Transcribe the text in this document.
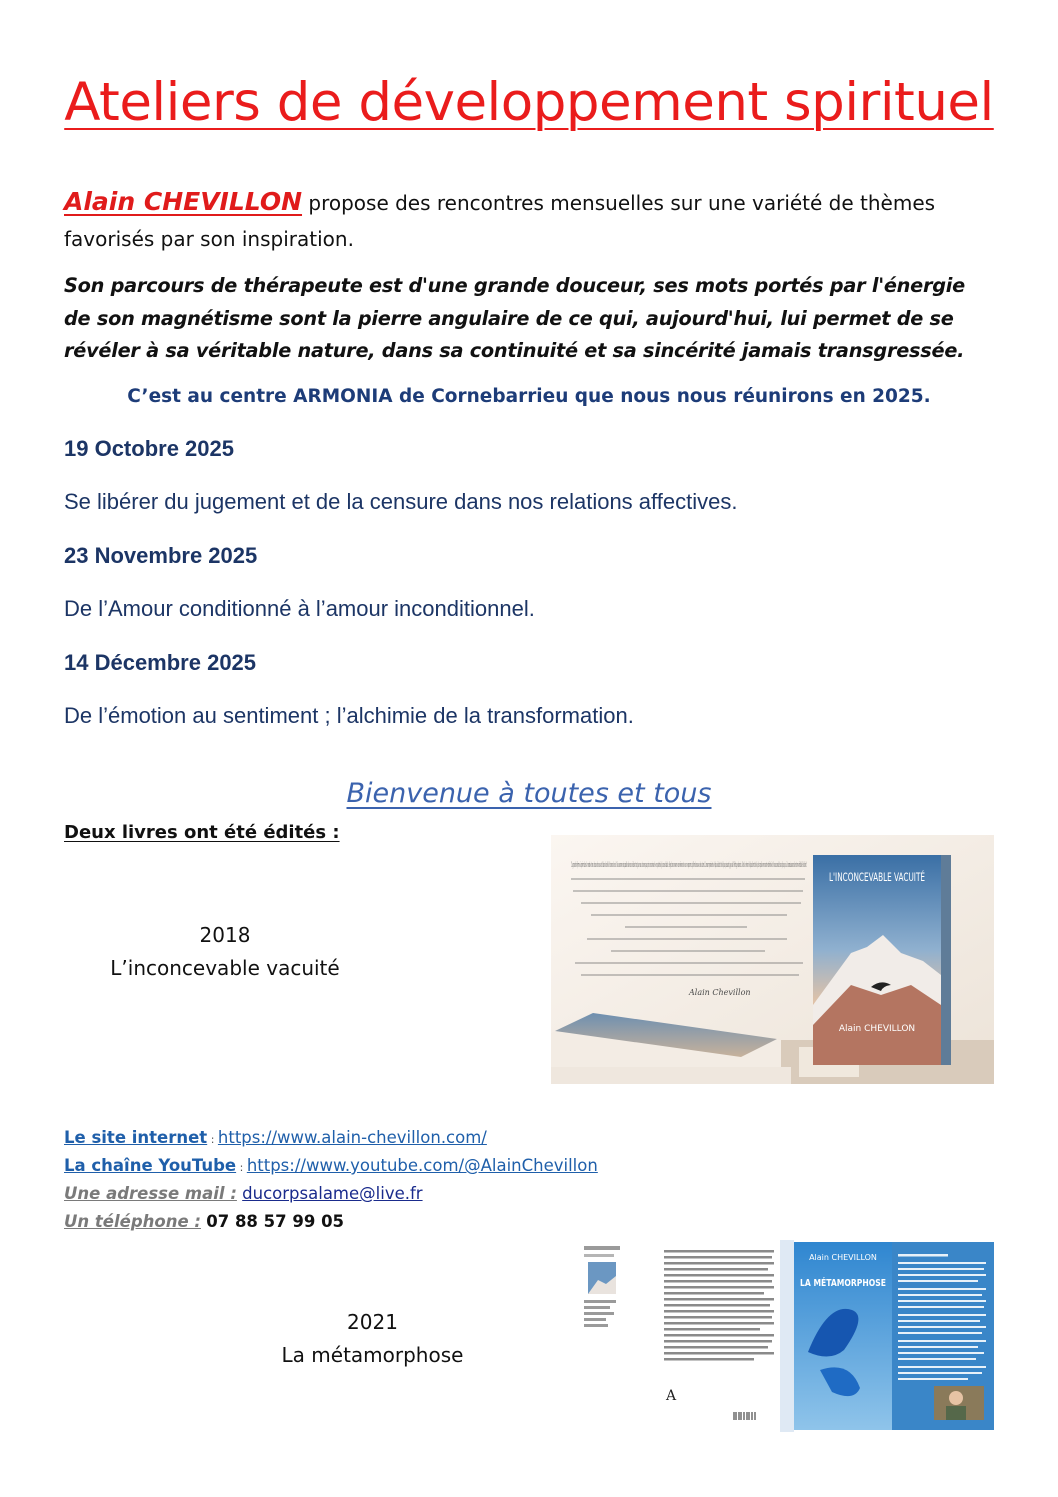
Ateliers de développement spirituel
Alain CHEVILLON propose des rencontres mensuelles sur une variété de thèmes favorisés par son inspiration.
Son parcours de thérapeute est d'une grande douceur, ses mots portés par l'énergie de son magnétisme sont la pierre angulaire de ce qui, aujourd'hui, lui permet de se révéler à sa véritable nature, dans sa continuité et sa sincérité jamais transgressée.
C’est au centre ARMONIA de Cornebarrieu que nous nous réunirons en 2025.
19 Octobre 2025
Se libérer du jugement et de la censure dans nos relations affectives.
23 Novembre 2025
De l’Amour conditionné à l’amour inconditionnel.
14 Décembre 2025
De l’émotion au sentiment ; l’alchimie de la transformation.
Bienvenue à toutes et tous
Deux livres ont été édités :
2018
L’inconcevable vacuité
"La grande réforme à opérer dans le monde et en chacun de nous est d'abord celle de l'amour de soi. Nous sommes incapables de nous réaliser tant que nous n'avons pas pris conscience de ce potentiel qui nous habite. Soyez bons envers vous-mêmes et vous ne pourrez qu'être bons avec les autres. L'amour représente le plus éclatant et le plus puissant joyau de l'héritage humain. Il est le chemin le plus direct et le plus rapide vers notre entièreté et il nous conduit sans faux pas à la connaissance de notre véritable Soi divin."
Alain Chevillon
L'INCONCEVABLE VACUITÉ
Alain CHEVILLON
Le site internet : https://www.alain-chevillon.com/
La chaîne YouTube : https://www.youtube.com/@AlainChevillon
Une adresse mail : ducorpsalame@live.fr
Un téléphone : 07 88 57 99 05
2021
La métamorphose
A
Alain CHEVILLON
LA MÉTAMORPHOSE
